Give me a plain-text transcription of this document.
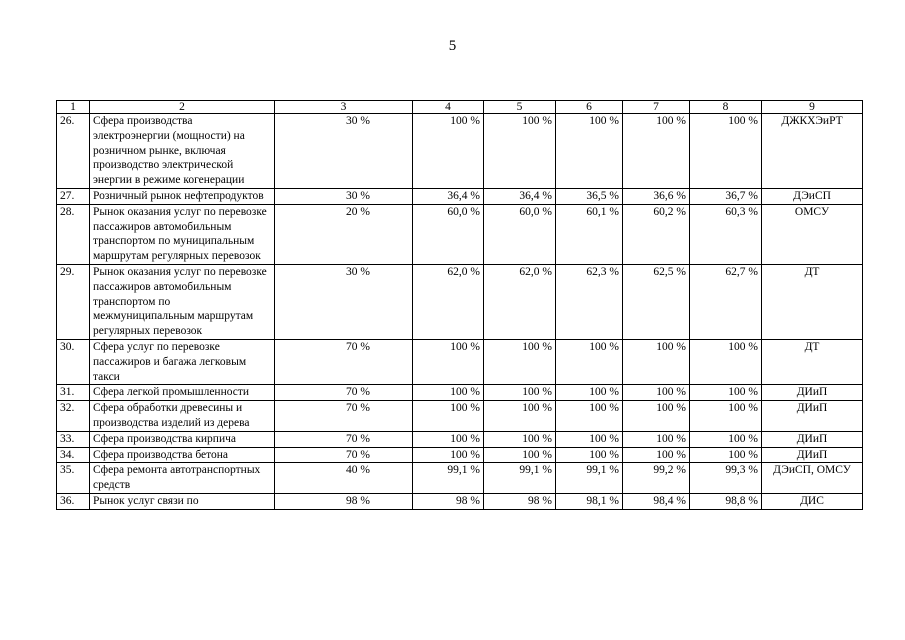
5
1	2	3	4	5	6	7	8	9
26.	Сфера производства электроэнергии (мощности) на розничном рынке, включая производство электрической энергии в режиме когенерации	30 %	100 %	100 %	100 %	100 %	100 %	ДЖКХЭиРТ
27.	Розничный рынок нефтепродуктов	30 %	36,4 %	36,4 %	36,5 %	36,6 %	36,7 %	ДЭиСП
28.	Рынок оказания услуг по перевозке пассажиров автомобильным транспортом по муниципальным маршрутам регулярных перевозок	20 %	60,0 %	60,0 %	60,1 %	60,2 %	60,3 %	ОМСУ
29.	Рынок оказания услуг по перевозке пассажиров автомобильным транспортом по межмуниципальным маршрутам регулярных перевозок	30 %	62,0 %	62,0 %	62,3 %	62,5 %	62,7 %	ДТ
30.	Сфера услуг по перевозке пассажиров и багажа легковым такси	70 %	100 %	100 %	100 %	100 %	100 %	ДТ
31.	Сфера легкой промышленности	70 %	100 %	100 %	100 %	100 %	100 %	ДИиП
32.	Сфера обработки древесины и производства изделий из дерева	70 %	100 %	100 %	100 %	100 %	100 %	ДИиП
33.	Сфера производства кирпича	70 %	100 %	100 %	100 %	100 %	100 %	ДИиП
34.	Сфера производства бетона	70 %	100 %	100 %	100 %	100 %	100 %	ДИиП
35.	Сфера ремонта автотранспортных средств	40 %	99,1 %	99,1 %	99,1 %	99,2 %	99,3 %	ДЭиСП, ОМСУ
36.	Рынок услуг связи по	98 %	98 %	98 %	98,1 %	98,4 %	98,8 %	ДИС
